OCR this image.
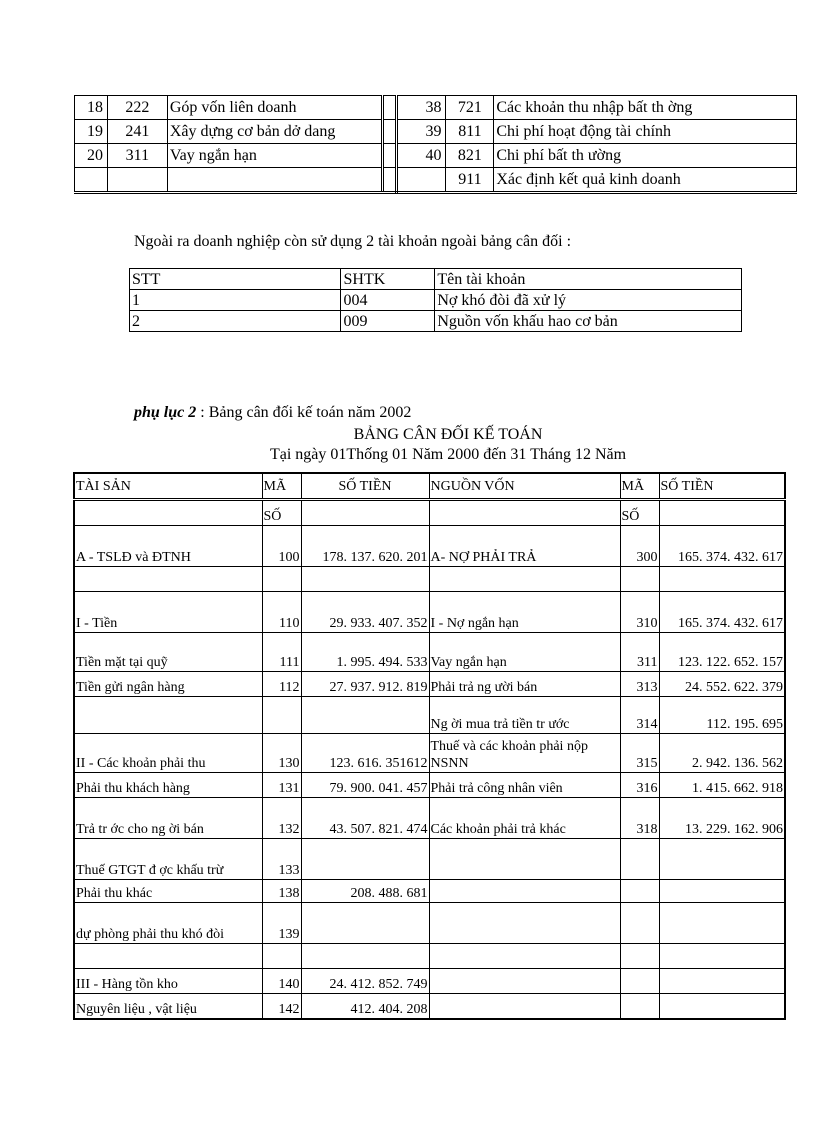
18	222	Góp vốn liên doanh		38	721	Các khoản thu nhập bất th ờng
19	241	Xây dựng cơ bản dở dang		39	811	Chi phí hoạt động tài chính
20	311	Vay ngắn hạn		40	821	Chi phí bất th ường
					911	Xác định kết quả kinh doanh
Ngoài ra doanh nghiệp còn sử dụng 2 tài khoản ngoài bảng cân đối :
STT	SHTK	Tên tài khoản
1	004	Nợ khó đòi đã xử lý
2	009	Nguồn vốn khấu hao cơ bản
phụ lục 2 : Bảng cân đối kế toán năm 2002
BẢNG CÂN ĐỐI KẾ TOÁN
Tại ngày 01Thống 01 Năm 2000 đến 31 Tháng 12 Năm
TÀI SẢN	MÃ	SỐ TIỀN	NGUỒN VỐN	MÃ	SỐ TIỀN
	SỐ			SỐ	
A - TSLĐ và ĐTNH	100	178. 137. 620. 201	A- NỢ PHẢI TRẢ	300	165. 374. 432. 617

I - Tiền	110	29. 933. 407. 352	I - Nợ ngắn hạn	310	165. 374. 432. 617
Tiền mặt tại quỹ	111	1. 995. 494. 533	Vay ngắn hạn	311	123. 122. 652. 157
Tiền gửi ngân hàng	112	27. 937. 912. 819	Phải trả ng ười bán	313	24. 552. 622. 379
			Ng ời mua trả tiền tr ước	314	112. 195. 695
II - Các khoản phải thu	130	123. 616. 351612	Thuế và các khoản phải nộp NSNN	315	2. 942. 136. 562
Phải thu khách hàng	131	79. 900. 041. 457	Phải trả công nhân viên	316	1. 415. 662. 918
Trả tr ớc cho ng ời bán	132	43. 507. 821. 474	Các khoản phải trả khác	318	13. 229. 162. 906
Thuế GTGT đ ợc khấu trừ	133				
Phải thu khác	138	208. 488. 681			
dự phòng phải thu khó đòi	139				

III - Hàng tồn kho	140	24. 412. 852. 749			
Nguyên liệu , vật liệu	142	412. 404. 208			
